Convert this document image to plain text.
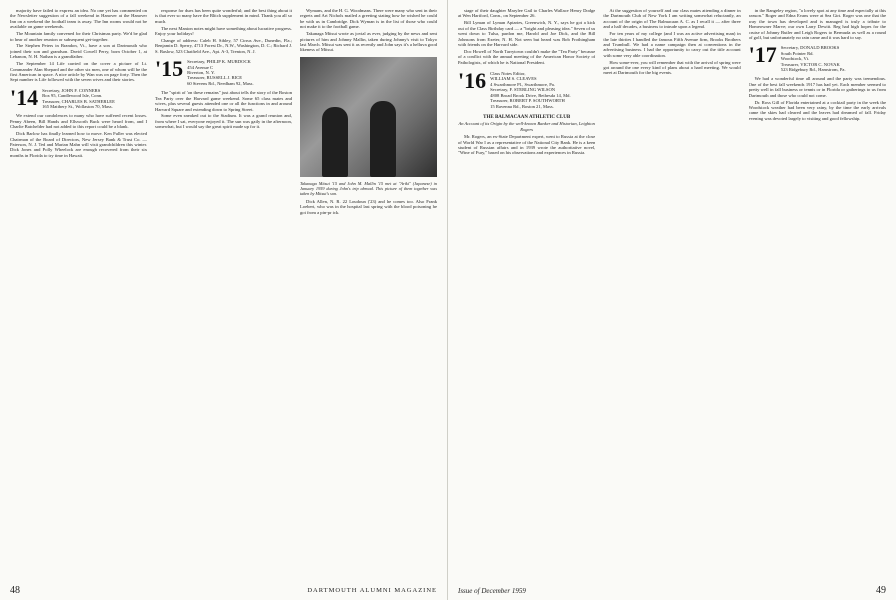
majority have failed to express an idea. No one yet has commented on the Newsletter suggestion of a fall weekend in Hanover at the Hanover Inn on a weekend the football team is away. The Inn rooms would not be available on game weekends.

The Mountain family convened for their Christmas party. We'd be glad to hear of another reunion or subsequent get-together.

The Stephen Peters in Brandon, Vt., have a son at Dartmouth who joined their son and grandson. David Cowell Perry, born October 1, at Lebanon, N. H. Nathan is a grandfather.

The September 14 Life carried on the cover a picture of Lt. Commander Alan Shepard and the other six men, one of whom will be the first American in space. A nice article by Wan was on page forty. Then the Sept number is Life followed with the seven wives and their stories.

'14 Secretary, JOHN F. CONNERS
Box 95, Candlewood Isle, Conn.
Treasurer, CHARLES B. SATHERLEE
165 Mattbery St., Wollaston 70, Mass.

We extend our condolences to many who have suffered recent losses. Penny Abeen, Bill Hands and Ellsworth Buck were heard from, and I Charlie Batchelder had not added to this report could be a blank.

Dick Barlow has finally learned how to move. Ken Fuller was elected Chairman of the Board of Directors, New Jersey Bank & Trust Co. — Paterson, N. J. Ted and Marian Mahn will visit grandchildren this winter. Dick Jones and Polly Wheelock are enough recovered from their six months in Florida to try time in Hawaii.

response for dues has been quite wonderful; and the best thing about it is that ever so many have the Blitch supplement in mind. Thank you all so much.

The next Manion notes might have something about lucrative progress. Enjoy your holidays!

Change of address: Caleb H. Sibley, 57 Cirrus Ave., Dunedin, Fla.; Benjamin D. Sperry, 4713 Forest Dr., N.W., Washington, D. C.; Richard J. S. Baslow, 523 Chatfield Ave., Apt. A-3, Trenton, N. J.

'15 Secretary, PHILIP K. MURDOCK
454 Avenue C
Riverton, N. Y.
Treasurer, RUSSELL J. RICE
60 Stevens Rd., Needham 92, Mass.

The "spirit of 'on these remains" just about tells the story of the Boston Tea Party over the Harvard game weekend. Some 65 class mates and wives, plus several guests attended one or all the functions in and around Harvard Square and extending down to Spring Street.

Some even sneaked out to the Stadium. It was a grand reunion and, from where I sat, everyone enjoyed it. The sun was gaily in the afternoon, somewhat, but I would say the great spirit made up for it.

Wymans, and the H. G. Woodmans. There were many who sent in their regrets and Art Nichols mailed a greeting stating how he wished he could be with us in Cambridge. Dick Wyman is in the list of those who could not make it to the football game.

Takanaga Mitsui wrote as jovial as ever, judging by the news and sent pictures of him and Johnny Mallin, taken during Johnny's visit to Tokyo last March. Mitsui was sent it as recently and John says it's a helluva good likeness of Mitsui.

Takanaga Mitsui '15 and John M. Mallin '15 met at "Ariki" (Japanese) in January 1959 during John's trip abroad. This picture of them together was taken by Mitsui's son.

Dick Allen, N. R. 22 Loudoun ('23) and he comes too. Also Frank Loebert, who was in the hospital last spring with the blood poisoning he got from a pin-pr ick.

48	DARTMOUTH ALUMNI MAGAZINE

stage of their daughter Marylee Gail to Charles Wallace Henry Dodge at Wen Hartford, Conn., on September 26.

Bill Lyman of Lyman Apiaries, Greenwich, N. Y., says he got a kick out of the Class Birthday card — a "bright and pleasing idea." Seven of us went down to Tulsa, pardon me, Harold and Joe Dick, and the Bill Johnsons from Exeter, N. H. Not seen but heard was Bob Frothingham with friends on the Harvard side.

Doc Howell of North Tarrytown couldn't make the "Tea Party" because of a conflict with the annual meeting of the American Honor Society of Pathologists, of which he is National President.

'16 Class Notes Editor,
WILLIAM S. CLEAVES
4 Swarthmore Pl., Swarthmore, Pa.
Secretary, F. STERLING WILSON
4808 Broad Brook Drive, Bethesda 14, Md.
Treasurer, ROBERT P. SOUTHWORTH
15 Ravenna Rd., Boston 21, Mass.
THE BALMACAAN ATHLETIC CLUB
An Account of its Origin by the well-known Banker and Historian, Leighton Rogers

Mr. Rogers, an ex-State Department expert, went to Russia at the close of World War I as a representative of the National City Bank. He is a keen student of Russian affairs and in 1939 wrote the authoritative novel, "Wine of Fury," based on his observations and experiences in Russia.

At the suggestion of yourself and our class mates attending a dinner in the Dartmouth Club of New York I am writing somewhat reluctantly, an account of the origin of The Balmacaan A. C. as I recall it — after three and a half decades, a business to intrude upon a legend.

For ten years of my college (and I was an active advertising man) in the late thirties I handled the famous Fifth Avenue firm, Brooks Brothers and Trumbull. We had a name campaign then at conventions in the advertising business. I had the opportunity to carry out the title account with some very able coordination.

How some-ever, you will remember that with the arrival of spring were got around the one every kind of plans about a hard meeting. We would meet at Dartmouth for the big events.

in the Rangeley region, "a lovely spot at any time and especially at this season." Roger and Edna Evans were at Sea Girt. Roger was one that the way the town has developed and is managed is truly a tribute to Homeowner Marve; our own Larry Dewitt. Reg had high hopes for the cruise of Johnny Butler and Leigh Rogers to Bermuda as well as a round of golf, but unfortunately no rain came and it was hard to say.

'17 Secretary, DONALD BROOKS
South Pointer Rd.
Woodstock, Vt.
Treasurer, VICTOR C. NOVAK
523 Ridgebury Rd., Hamstrom, Pa.

We had a wonderful time all around and the party was tremendous. One of the best fall weekends 1917 has had yet. Each member seemed to pretty well in fall business or tennis or in Florida or gatherings to us from Dartmouth and those who could not come.

Dr. Ross Gill of Florida entertained at a cocktail party in the week the Woodstock weather had been very rainy, by the time the early arrivals came the skies had cleared and the leaves had dreamed of fall. Friday evening was devoted largely to visiting and good fellowship.

Issue of December 1959	49
